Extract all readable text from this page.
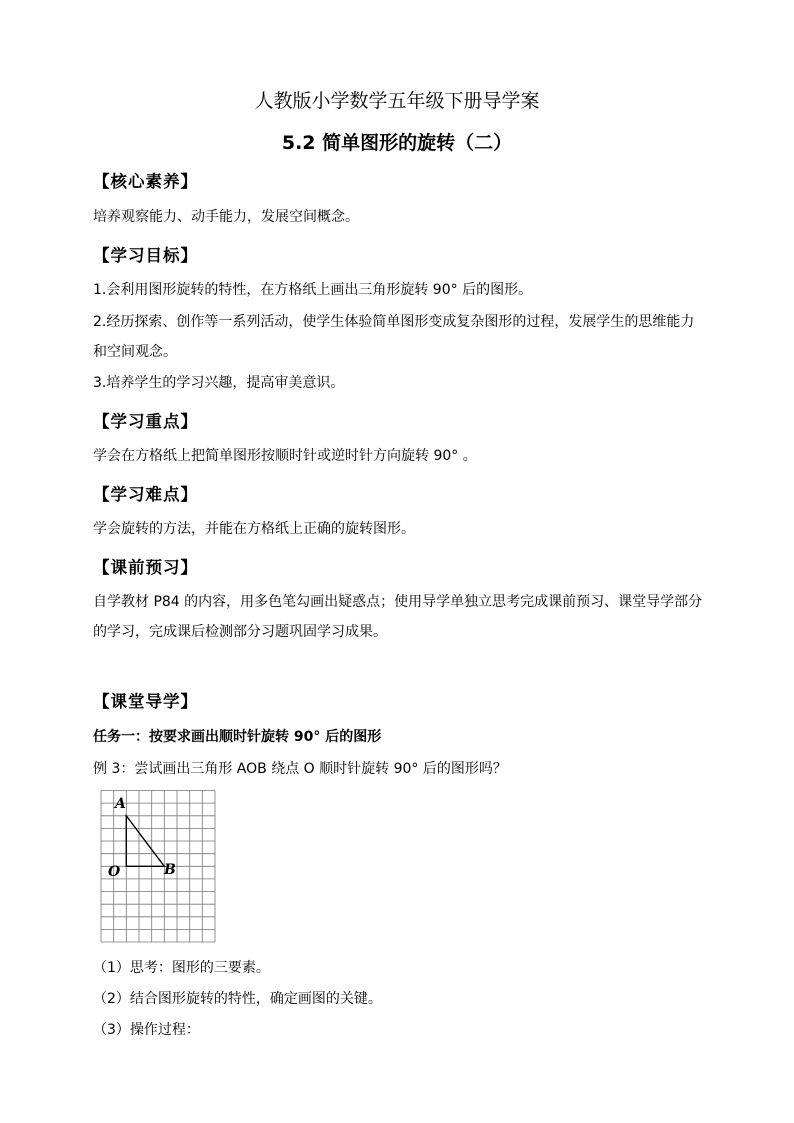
人教版小学数学五年级下册导学案
5.2 简单图形的旋转（二）
【核心素养】
培养观察能力、动手能力，发展空间概念。
【学习目标】
1.会利用图形旋转的特性，在方格纸上画出三角形旋转 90° 后的图形。
2.经历探索、创作等一系列活动，使学生体验简单图形变成复杂图形的过程，发展学生的思维能力和空间观念。
3.培养学生的学习兴趣，提高审美意识。
【学习重点】
学会在方格纸上把简单图形按顺时针或逆时针方向旋转 90° 。
【学习难点】
学会旋转的方法，并能在方格纸上正确的旋转图形。
【课前预习】
自学教材 P84 的内容，用多色笔勾画出疑惑点；使用导学单独立思考完成课前预习、课堂导学部分的学习，完成课后检测部分习题巩固学习成果。
【课堂导学】
任务一：按要求画出顺时针旋转 90° 后的图形
例 3：尝试画出三角形 AOB 绕点 O 顺时针旋转 90° 后的图形吗？
A
O	B
（1）思考：图形的三要素。
（2）结合图形旋转的特性，确定画图的关键。
（3）操作过程：
